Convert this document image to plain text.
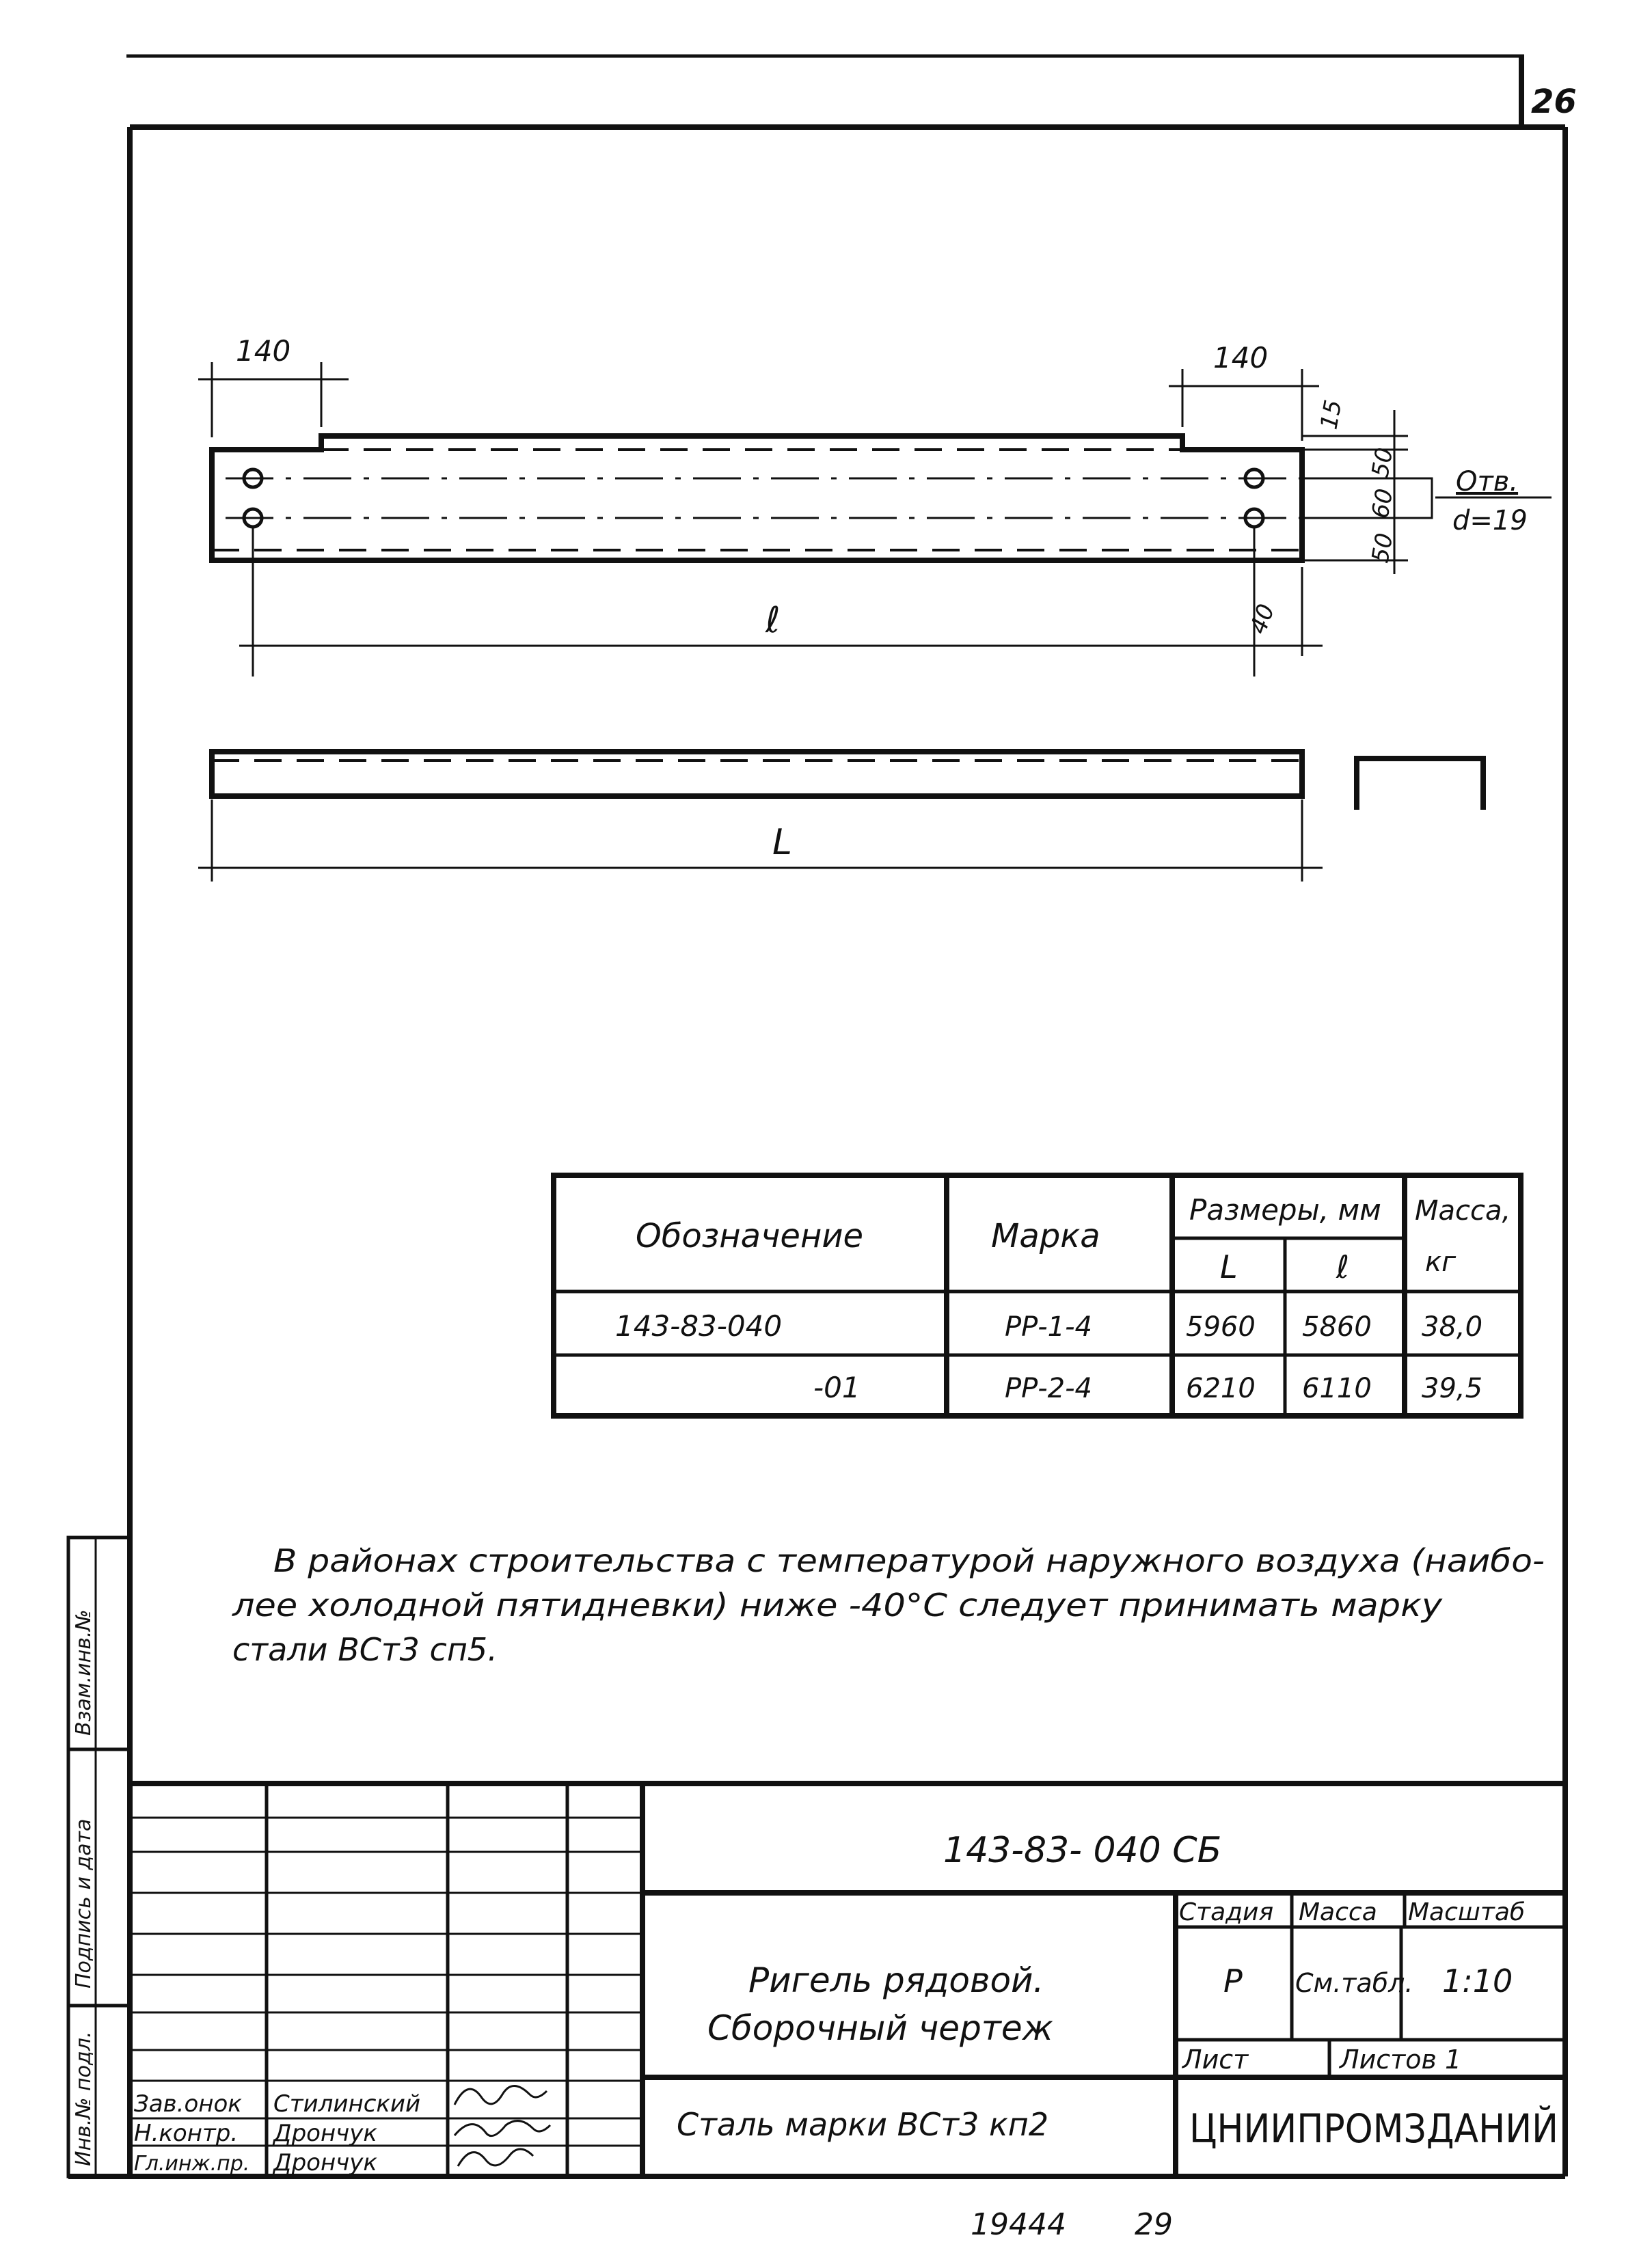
26
140	140
15
50
60
50
Отв.
d=19
ℓ	40
L
Обозначение	Марка
Размеры, мм Масса,
кг
L	ℓ
143-83-040	РР-1-4	5960 5860 38,0
-01	РР-2-4	6210 6110 39,5
В районах строительства с температурой наружного воздуха (наибо-
лее холодной пятидневки) ниже -40°С следует принимать марку
стали ВСт3 сп5.
Инв.№ подл.
Подпись и дата
Взам.инв.№
Зав.онок Стилинский
Н.контр. Дрончук
Гл.инж.пр. Дрончук
143-83- 040 СБ
Ригель рядовой.
Сборочный чертеж
Сталь марки ВСт3 кп2
Стадия Масса Масштаб
Р См.табл. 1:10
Лист	Листов 1
ЦНИИПРОМЗДАНИЙ
19444 29
